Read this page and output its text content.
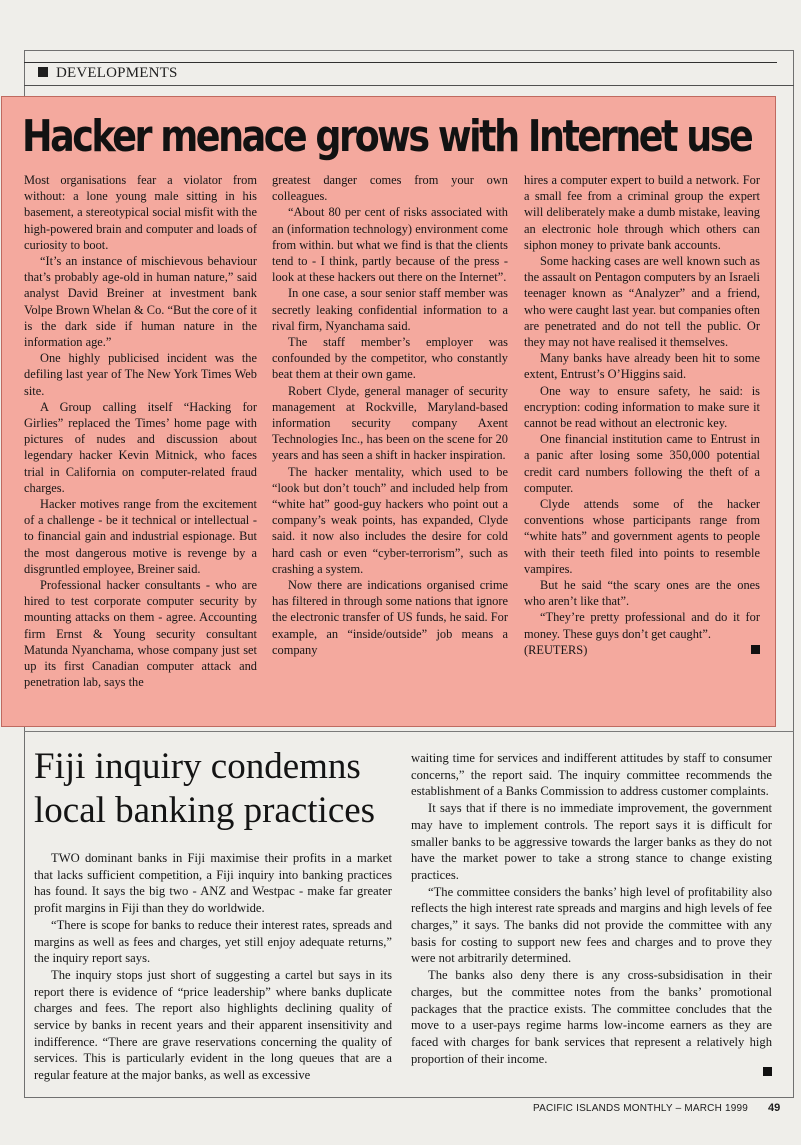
DEVELOPMENTS
Hacker menace grows with Internet use

Most organisations fear a violator from without: a lone young male sitting in his basement, a stereotypical social misfit with the high-powered brain and computer and loads of curiosity to boot.

“It’s an instance of mischievous behaviour that’s probably age-old in human nature,” said analyst David Breiner at investment bank Volpe Brown Whelan & Co. “But the core of it is the dark side if human nature in the information age.”

One highly publicised incident was the defiling last year of The New York Times Web site.

A Group calling itself “Hacking for Girlies” replaced the Times’ home page with pictures of nudes and discussion about legendary hacker Kevin Mitnick, who faces trial in California on computer-related fraud charges.

Hacker motives range from the excitement of a challenge - be it technical or intellectual - to financial gain and industrial espionage. But the most dangerous motive is revenge by a disgruntled employee, Breiner said.

Professional hacker consultants - who are hired to test corporate computer security by mounting attacks on them - agree. Accounting firm Ernst & Young security consultant Matunda Nyanchama, whose company just set up its first Canadian computer attack and penetration lab, says the

greatest danger comes from your own colleagues.

“About 80 per cent of risks associated with an (information technology) environment come from within. but what we find is that the clients tend to - I think, partly because of the press - look at these hackers out there on the Internet”.

In one case, a sour senior staff member was secretly leaking confidential information to a rival firm, Nyanchama said.

The staff member’s employer was confounded by the competitor, who constantly beat them at their own game.

Robert Clyde, general manager of security management at Rockville, Maryland-based information security company Axent Technologies Inc., has been on the scene for 20 years and has seen a shift in hacker inspiration.

The hacker mentality, which used to be “look but don’t touch” and included help from “white hat” good-guy hackers who point out a company’s weak points, has expanded, Clyde said. it now also includes the desire for cold hard cash or even “cyber-terrorism”, such as crashing a system.

Now there are indications organised crime has filtered in through some nations that ignore the electronic transfer of US funds, he said. For example, an “inside/outside” job means a company

hires a computer expert to build a network. For a small fee from a criminal group the expert will deliberately make a dumb mistake, leaving an electronic hole through which others can siphon money to private bank accounts.

Some hacking cases are well known such as the assault on Pentagon computers by an Israeli teenager known as “Analyzer” and a friend, who were caught last year. but companies often are penetrated and do not tell the public. Or they may not have realised it themselves.

Many banks have already been hit to some extent, Entrust’s O’Higgins said.

One way to ensure safety, he said: is encryption: coding information to make sure it cannot be read without an electronic key.

One financial institution came to Entrust in a panic after losing some 350,000 potential credit card numbers following the theft of a computer.

Clyde attends some of the hacker conventions whose participants range from “white hats” and government agents to people with their teeth filed into points to resemble vampires.

But he said “the scary ones are the ones who aren’t like that”.

“They’re pretty professional and do it for money. These guys don’t get caught”.

(REUTERS)
Fiji inquiry condemns local banking practices

TWO dominant banks in Fiji maximise their profits in a market that lacks sufficient competition, a Fiji inquiry into banking practices has found. It says the big two - ANZ and Westpac - make far greater profit margins in Fiji than they do worldwide.

“There is scope for banks to reduce their interest rates, spreads and margins as well as fees and charges, yet still enjoy adequate returns,” the inquiry report says.

The inquiry stops just short of suggesting a cartel but says in its report there is evidence of “price leadership” where banks duplicate charges and fees. The report also highlights declining quality of service by banks in recent years and their apparent insensitivity and indifference. “There are grave reservations concerning the quality of services. This is particularly evident in the long queues that are a regular feature at the major banks, as well as excessive

waiting time for services and indifferent attitudes by staff to consumer concerns,” the report said. The inquiry committee recommends the establishment of a Banks Commission to address customer complaints.

It says that if there is no immediate improvement, the government may have to implement controls. The report says it is difficult for smaller banks to be aggressive towards the larger banks as they do not have the market power to take a strong stance to change existing practices.

“The committee considers the banks’ high level of profitability also reflects the high interest rate spreads and margins and high levels of fee charges,” it says. The banks did not provide the committee with any basis for costing to support new fees and charges and to prove they were not arbitrarily determined.

The banks also deny there is any cross-subsidisation in their charges, but the committee notes from the banks’ promotional packages that the practice exists. The committee concludes that the move to a user-pays regime harms low-income earners as they are faced with charges for bank services that represent a relatively high proportion of their income.

PACIFIC ISLANDS MONTHLY – MARCH 1999 49
